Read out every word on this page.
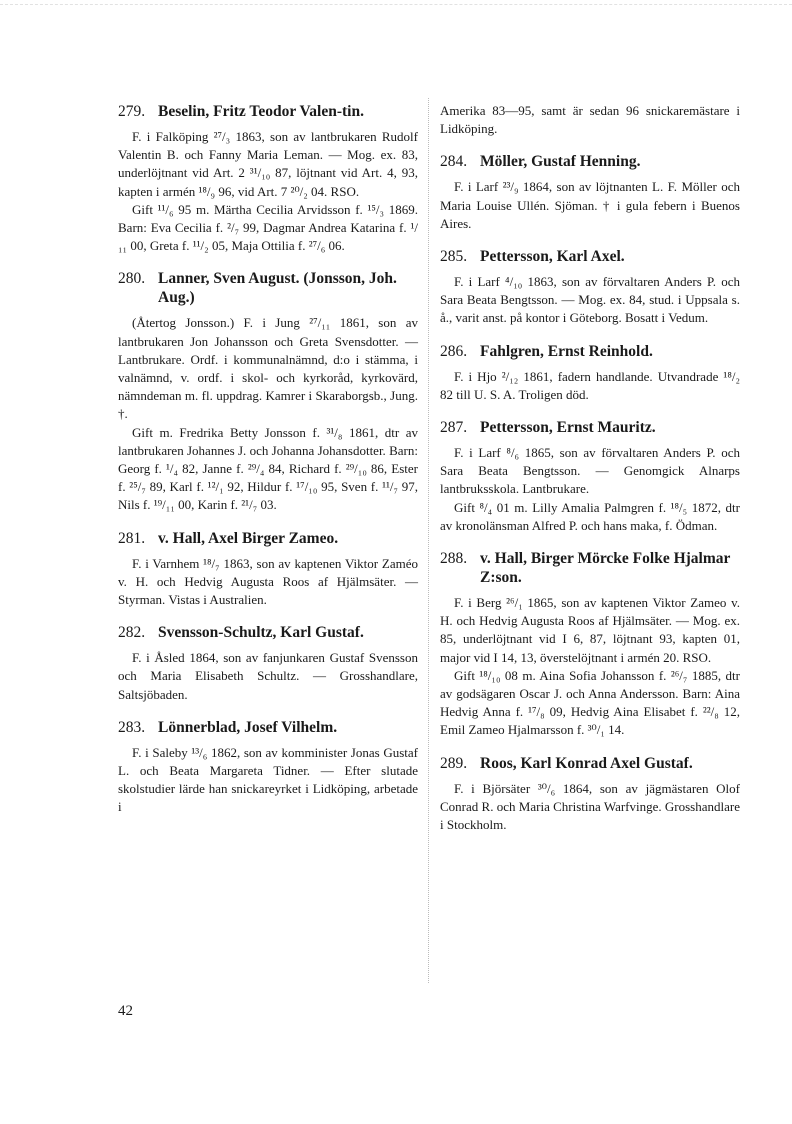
279. Beselin, Fritz Teodor Valen-tin.

F. i Falköping ²⁷/₃ 1863, son av lantbrukaren Rudolf Valentin B. och Fanny Maria Leman. — Mog. ex. 83, underlöjtnant vid Art. 2 ³¹/₁₀ 87, löjtnant vid Art. 4, 93, kapten i armén ¹⁸/₉ 96, vid Art. 7 ²⁰/₂ 04. RSO.

Gift ¹¹/₆ 95 m. Märtha Cecilia Arvidsson f. ¹⁵/₃ 1869. Barn: Eva Cecilia f. ²/₇ 99, Dagmar Andrea Katarina f. ¹/₁₁ 00, Greta f. ¹¹/₂ 05, Maja Ottilia f. ²⁷/₆ 06.

280. Lanner, Sven August. (Jonsson, Joh. Aug.)

(Återtog Jonsson.) F. i Jung ²⁷/₁₁ 1861, son av lantbrukaren Jon Johansson och Greta Svensdotter. — Lantbrukare. Ordf. i kommunalnämnd, d:o i stämma, i valnämnd, v. ordf. i skol- och kyrkoråd, kyrkovärd, nämndeman m. fl. uppdrag. Kamrer i Skaraborgsb., Jung. †.

Gift m. Fredrika Betty Jonsson f. ³¹/₈ 1861, dtr av lantbrukaren Johannes J. och Johanna Johansdotter. Barn: Georg f. ¹/₄ 82, Janne f. ²⁹/₄ 84, Richard f. ²⁹/₁₀ 86, Ester f. ²⁵/₇ 89, Karl f. ¹²/₁ 92, Hildur f. ¹⁷/₁₀ 95, Sven f. ¹¹/₇ 97, Nils f. ¹⁹/₁₁ 00, Karin f. ²¹/₇ 03.

281. v. Hall, Axel Birger Zameo.

F. i Varnhem ¹⁸/₇ 1863, son av kaptenen Viktor Zaméo v. H. och Hedvig Augusta Roos af Hjälmsäter. — Styrman. Vistas i Australien.

282. Svensson-Schultz, Karl Gustaf.

F. i Åsled 1864, son av fanjunkaren Gustaf Svensson och Maria Elisabeth Schultz. — Grosshandlare, Saltsjöbaden.

283. Lönnerblad, Josef Vilhelm.

F. i Saleby ¹³/₆ 1862, son av komminister Jonas Gustaf L. och Beata Margareta Tidner. — Efter slutade skolstudier lärde han snickareyrket i Lidköping, arbetade i

Amerika 83—95, samt är sedan 96 snickaremästare i Lidköping.

284. Möller, Gustaf Henning.

F. i Larf ²³/₉ 1864, son av löjtnanten L. F. Möller och Maria Louise Ullén. Sjöman. † i gula febern i Buenos Aires.

285. Pettersson, Karl Axel.

F. i Larf ⁴/₁₀ 1863, son av förvaltaren Anders P. och Sara Beata Bengtsson. — Mog. ex. 84, stud. i Uppsala s. å., varit anst. på kontor i Göteborg. Bosatt i Vedum.

286. Fahlgren, Ernst Reinhold.

F. i Hjo ²/₁₂ 1861, fadern handlande. Utvandrade ¹⁸/₂ 82 till U. S. A. Troligen död.

287. Pettersson, Ernst Mauritz.

F. i Larf ⁸/₆ 1865, son av förvaltaren Anders P. och Sara Beata Bengtsson. — Genomgick Alnarps lantbruksskola. Lantbrukare.

Gift ⁸/₄ 01 m. Lilly Amalia Palmgren f. ¹⁸/₅ 1872, dtr av kronolänsman Alfred P. och hans maka, f. Ödman.

288. v. Hall, Birger Mörcke Folke Hjalmar Z:son.

F. i Berg ²⁶/₁ 1865, son av kaptenen Viktor Zameo v. H. och Hedvig Augusta Roos af Hjälmsäter. — Mog. ex. 85, underlöjtnant vid I 6, 87, löjtnant 93, kapten 01, major vid I 14, 13, överstelöjtnant i armén 20. RSO.

Gift ¹⁸/₁₀ 08 m. Aina Sofia Johansson f. ²⁶/₇ 1885, dtr av godsägaren Oscar J. och Anna Andersson. Barn: Aina Hedvig Anna f. ¹⁷/₈ 09, Hedvig Aina Elisabet f. ²²/₈ 12, Emil Zameo Hjalmarsson f. ³⁰/₁ 14.

289. Roos, Karl Konrad Axel Gustaf.

F. i Björsäter ³⁰/₆ 1864, son av jägmästaren Olof Conrad R. och Maria Christina Warfvinge. Grosshandlare i Stockholm.

42
